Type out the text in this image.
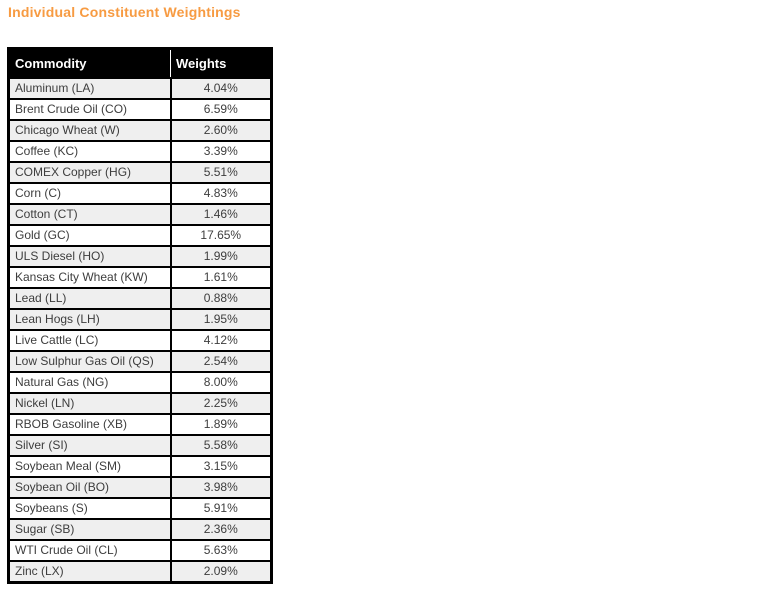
Individual Constituent Weightings
Commodity	Weights
Aluminum (LA)	4.04%
Brent Crude Oil (CO)	6.59%
Chicago Wheat (W)	2.60%
Coffee (KC)	3.39%
COMEX Copper (HG)	5.51%
Corn (C)	4.83%
Cotton (CT)	1.46%
Gold (GC)	17.65%
ULS Diesel (HO)	1.99%
Kansas City Wheat (KW)	1.61%
Lead (LL)	0.88%
Lean Hogs (LH)	1.95%
Live Cattle (LC)	4.12%
Low Sulphur Gas Oil (QS)	2.54%
Natural Gas (NG)	8.00%
Nickel (LN)	2.25%
RBOB Gasoline (XB)	1.89%
Silver (SI)	5.58%
Soybean Meal (SM)	3.15%
Soybean Oil (BO)	3.98%
Soybeans (S)	5.91%
Sugar (SB)	2.36%
WTI Crude Oil (CL)	5.63%
Zinc (LX)	2.09%
